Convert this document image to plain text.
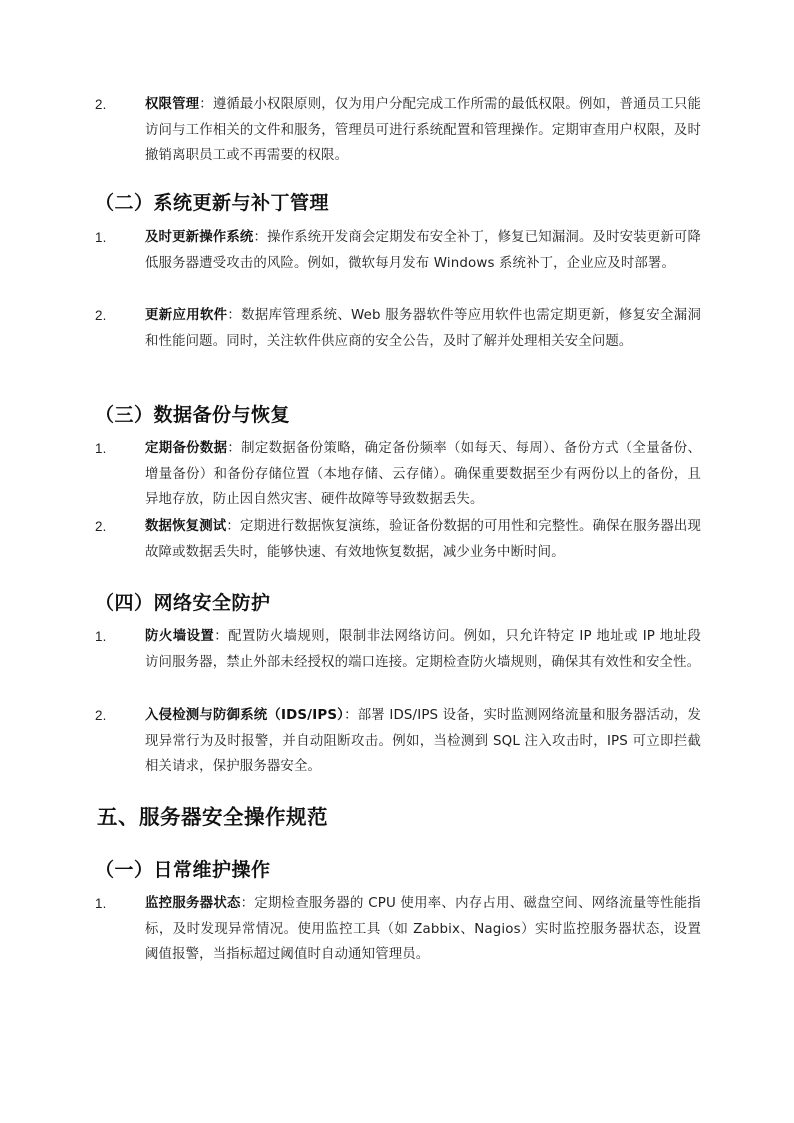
2.	权限管理：遵循最小权限原则，仅为用户分配完成工作所需的最低权限。例如，普通员工只能访问与工作相关的文件和服务，管理员可进行系统配置和管理操作。定期审查用户权限，及时撤销离职员工或不再需要的权限。
（二）系统更新与补丁管理
1.	及时更新操作系统：操作系统开发商会定期发布安全补丁，修复已知漏洞。及时安装更新可降低服务器遭受攻击的风险。例如，微软每月发布 Windows 系统补丁，企业应及时部署。
2.	更新应用软件：数据库管理系统、Web 服务器软件等应用软件也需定期更新，修复安全漏洞和性能问题。同时，关注软件供应商的安全公告，及时了解并处理相关安全问题。
（三）数据备份与恢复
1.	定期备份数据：制定数据备份策略，确定备份频率（如每天、每周）、备份方式（全量备份、增量备份）和备份存储位置（本地存储、云存储）。确保重要数据至少有两份以上的备份，且异地存放，防止因自然灾害、硬件故障等导致数据丢失。
2.	数据恢复测试：定期进行数据恢复演练，验证备份数据的可用性和完整性。确保在服务器出现故障或数据丢失时，能够快速、有效地恢复数据，减少业务中断时间。
（四）网络安全防护
1.	防火墙设置：配置防火墙规则，限制非法网络访问。例如，只允许特定 IP 地址或 IP 地址段访问服务器，禁止外部未经授权的端口连接。定期检查防火墙规则，确保其有效性和安全性。
2.	入侵检测与防御系统（IDS/IPS）：部署 IDS/IPS 设备，实时监测网络流量和服务器活动，发现异常行为及时报警，并自动阻断攻击。例如，当检测到 SQL 注入攻击时，IPS 可立即拦截相关请求，保护服务器安全。
五、服务器安全操作规范
（一）日常维护操作
1.	监控服务器状态：定期检查服务器的 CPU 使用率、内存占用、磁盘空间、网络流量等性能指标，及时发现异常情况。使用监控工具（如 Zabbix、Nagios）实时监控服务器状态，设置阈值报警，当指标超过阈值时自动通知管理员。
